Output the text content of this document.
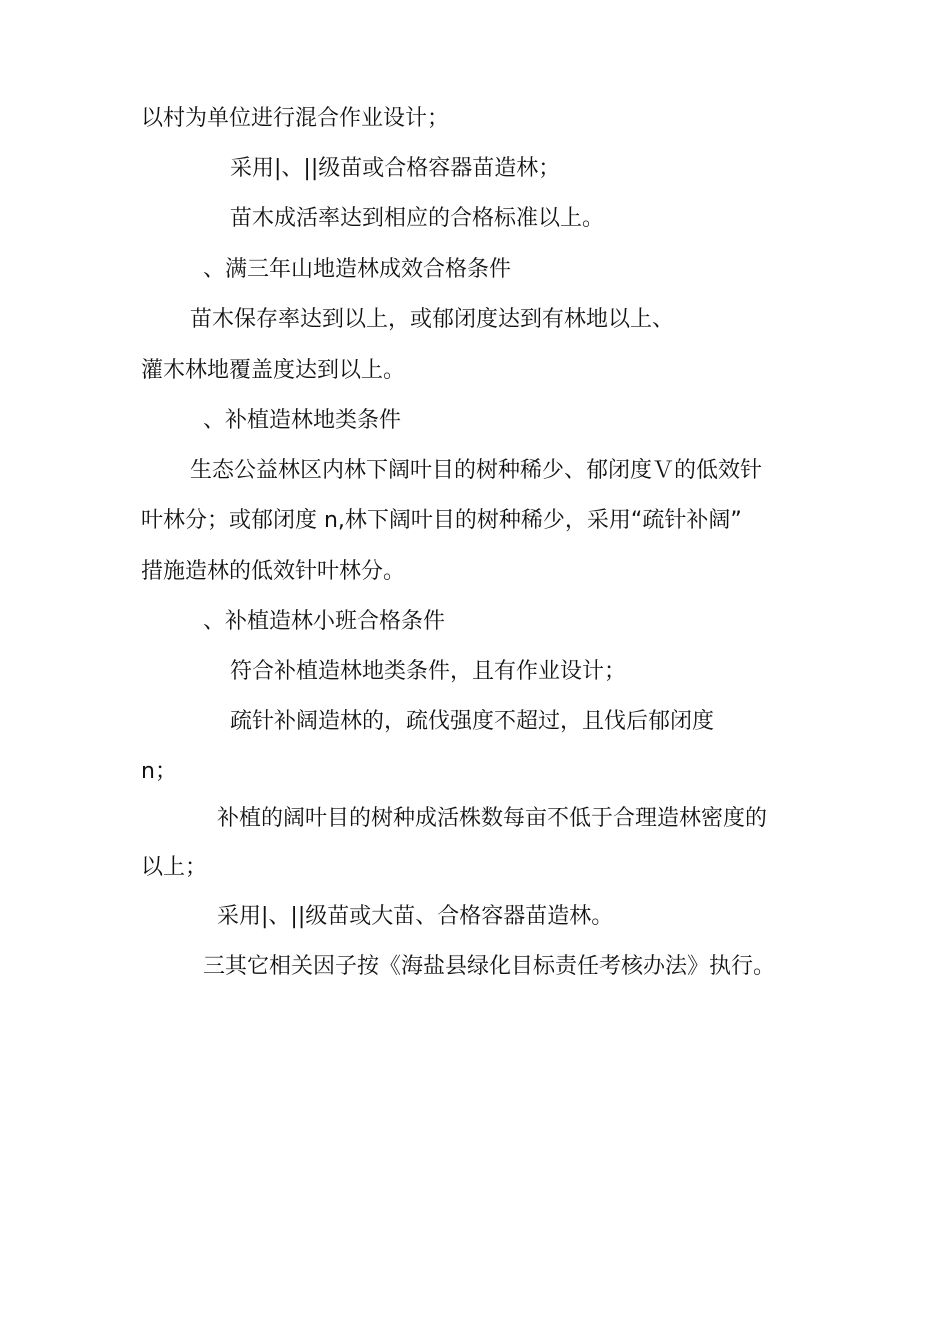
以村为单位进行混合作业设计；
采用|、||级苗或合格容器苗造林；
苗木成活率达到相应的合格标准以上。
、满三年山地造林成效合格条件
苗木保存率达到以上，或郁闭度达到有林地以上、
灌木林地覆盖度达到以上。
、补植造林地类条件
生态公益林区内林下阔叶目的树种稀少、郁闭度Ｖ的低效针
叶林分；或郁闭度 n,林下阔叶目的树种稀少，采用“疏针补阔”
措施造林的低效针叶林分。
、补植造林小班合格条件
符合补植造林地类条件，且有作业设计；
疏针补阔造林的，疏伐强度不超过，且伐后郁闭度
n；
补植的阔叶目的树种成活株数每亩不低于合理造林密度的
以上；
采用|、||级苗或大苗、合格容器苗造林。
三其它相关因子按《海盐县绿化目标责任考核办法》执行。
